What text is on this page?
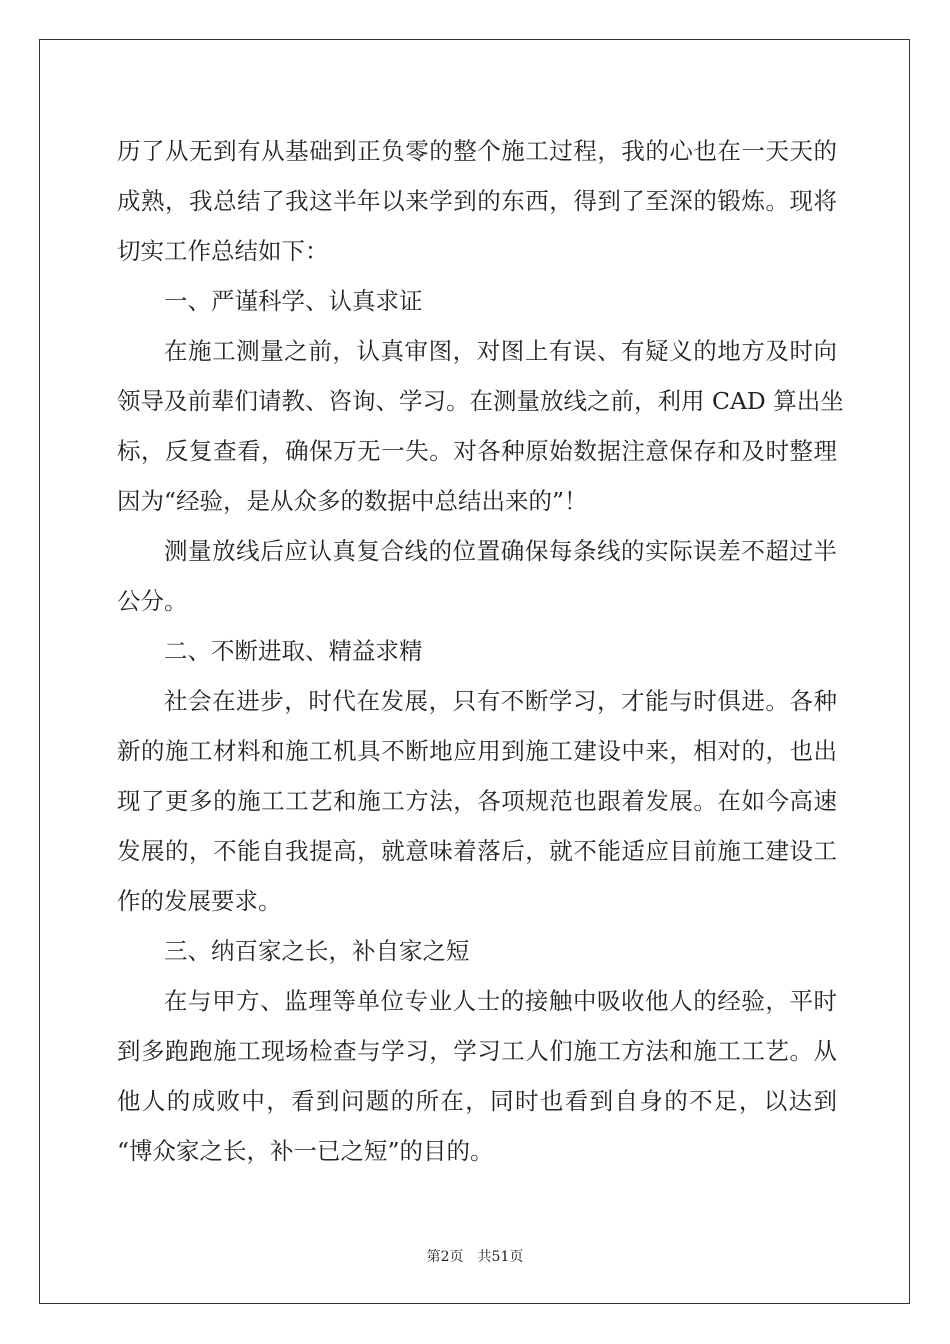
历了从无到有从基础到正负零的整个施工过程，我的心也在一天天的
成熟，我总结了我这半年以来学到的东西，得到了至深的锻炼。现将
切实工作总结如下：
一、严谨科学、认真求证
在施工测量之前，认真审图，对图上有误、有疑义的地方及时向
领导及前辈们请教、咨询、学习。在测量放线之前，利用 CAD 算出坐
标，反复查看，确保万无一失。对各种原始数据注意保存和及时整理
因为“经验，是从众多的数据中总结出来的”！
测量放线后应认真复合线的位置确保每条线的实际误差不超过半
公分。
二、不断进取、精益求精
社会在进步，时代在发展，只有不断学习，才能与时俱进。各种
新的施工材料和施工机具不断地应用到施工建设中来，相对的，也出
现了更多的施工工艺和施工方法，各项规范也跟着发展。在如今高速
发展的，不能自我提高，就意味着落后，就不能适应目前施工建设工
作的发展要求。
三、纳百家之长，补自家之短
在与甲方、监理等单位专业人士的接触中吸收他人的经验，平时
到多跑跑施工现场检查与学习，学习工人们施工方法和施工工艺。从
他人的成败中，看到问题的所在，同时也看到自身的不足，以达到
“博众家之长，补一已之短”的目的。
第2页 共51页
